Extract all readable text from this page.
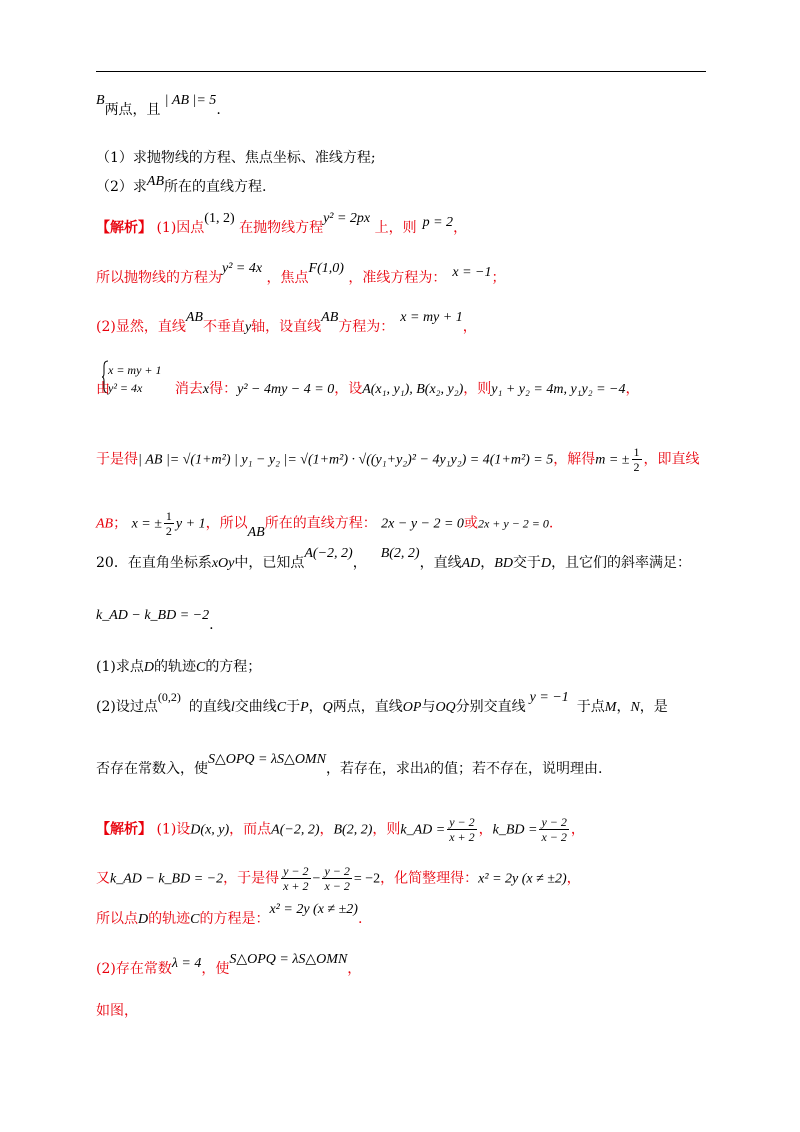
B两点，且| AB |= 5.
（1）求抛物线的方程、焦点坐标、准线方程;
（2）求AB所在的直线方程.
【解析】 (1)因点(1, 2) 在抛物线方程y² = 2px 上，则 p = 2，
所以抛物线的方程为y² = 4x ，焦点F(1,0) ，准线方程为： x = −1；
(2)显然，直线AB不垂直y轴，设直线AB方程为：x = my + 1，
x = my + 1
y² = 4x
由	消去x得：y² − 4my − 4 = 0，设A(x₁, y₁), B(x₂, y₂)，则y₁ + y₂ = 4m, y₁y₂ = −4，
于是得| AB |= √(1+m²) | y₁ − y₂ |= √(1+m²) · √((y₁+y₂)² − 4y₁y₂) = 4(1+m²) = 5，解得m = ± $\frac{1}{2}$ ，即直线
AB； x = ± $\frac{1}{2}$ y + 1，所以AB所在的直线方程： 2x − y − 2 = 0或2x + y − 2 = 0.
20．在直角坐标系xOy中，已知点A(−2, 2)，B(2, 2)，直线AD，BD交于D，且它们的斜率满足：
k_AD − k_BD = −2.
(1)求点D的轨迹C的方程；
(2)设过点(0,2)的直线l交曲线C于P，Q两点，直线OP与OQ分别交直线y = −1于点M，N，是
否存在常数入，使S△OPQ = λS△OMN，若存在，求出λ的值；若不存在，说明理由.
【解析】 (1)设D(x, y)，而点A(−2, 2)，B(2, 2)，则k_AD = $\frac{y - 2}{x + 2}$ ，k_BD = $\frac{y - 2}{x - 2}$ ，
又k_AD − k_BD = −2，于是得 $\frac{y - 2}{x + 2} - \frac{y - 2}{x - 2} = -2$，化简整理得：x² = 2y (x ≠ ±2)，
所以点D的轨迹C的方程是：x² = 2y (x ≠ ±2).
(2)存在常数λ = 4，使S△OPQ = λS△OMN，
如图，
